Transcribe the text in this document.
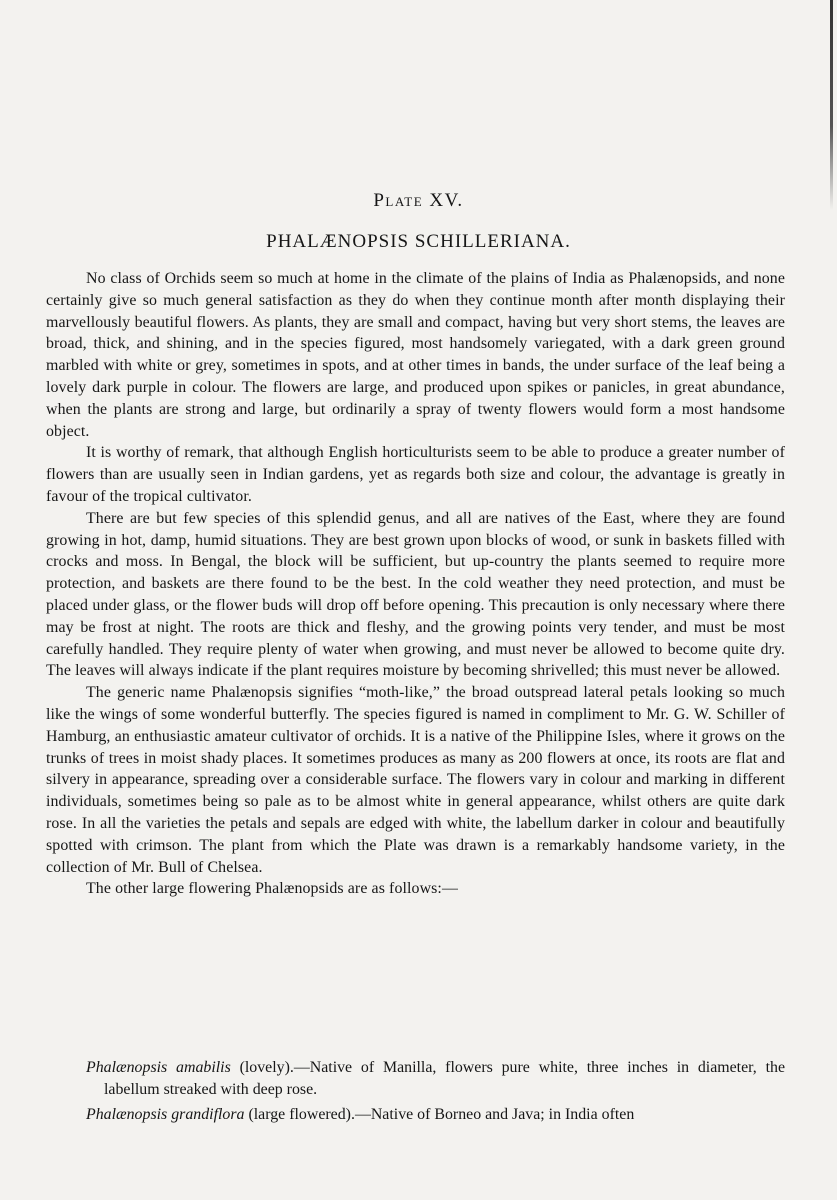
Plate XV.
PHALÆNOPSIS SCHILLERIANA.

No class of Orchids seem so much at home in the climate of the plains of India as Phalænopsids, and none certainly give so much general satisfaction as they do when they continue month after month displaying their marvellously beautiful flowers. As plants, they are small and compact, having but very short stems, the leaves are broad, thick, and shining, and in the species figured, most handsomely variegated, with a dark green ground marbled with white or grey, sometimes in spots, and at other times in bands, the under surface of the leaf being a lovely dark purple in colour. The flowers are large, and produced upon spikes or panicles, in great abundance, when the plants are strong and large, but ordinarily a spray of twenty flowers would form a most handsome object.

It is worthy of remark, that although English horticulturists seem to be able to produce a greater number of flowers than are usually seen in Indian gardens, yet as regards both size and colour, the advantage is greatly in favour of the tropical cultivator.

There are but few species of this splendid genus, and all are natives of the East, where they are found growing in hot, damp, humid situations. They are best grown upon blocks of wood, or sunk in baskets filled with crocks and moss. In Bengal, the block will be sufficient, but up-country the plants seemed to require more protection, and baskets are there found to be the best. In the cold weather they need protection, and must be placed under glass, or the flower buds will drop off before opening. This precaution is only necessary where there may be frost at night. The roots are thick and fleshy, and the growing points very tender, and must be most carefully handled. They require plenty of water when growing, and must never be allowed to become quite dry. The leaves will always indicate if the plant requires moisture by becoming shrivelled; this must never be allowed.

The generic name Phalænopsis signifies “moth-like,” the broad outspread lateral petals looking so much like the wings of some wonderful butterfly. The species figured is named in compliment to Mr. G. W. Schiller of Hamburg, an enthusiastic amateur cultivator of orchids. It is a native of the Philippine Isles, where it grows on the trunks of trees in moist shady places. It sometimes produces as many as 200 flowers at once, its roots are flat and silvery in appearance, spreading over a considerable surface. The flowers vary in colour and marking in different individuals, sometimes being so pale as to be almost white in general appearance, whilst others are quite dark rose. In all the varieties the petals and sepals are edged with white, the labellum darker in colour and beautifully spotted with crimson. The plant from which the Plate was drawn is a remarkably handsome variety, in the collection of Mr. Bull of Chelsea.

The other large flowering Phalænopsids are as follows:—

Phalænopsis amabilis (lovely).—Native of Manilla, flowers pure white, three inches in diameter, the labellum streaked with deep rose.

Phalænopsis grandiflora (large flowered).—Native of Borneo and Java; in India often
